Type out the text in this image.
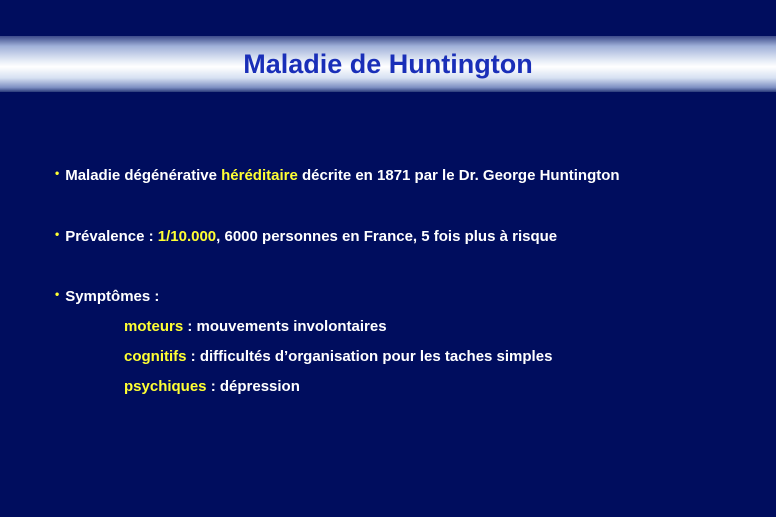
Maladie de Huntington
• Maladie dégénérative héréditaire décrite en 1871 par le Dr. George Huntington
• Prévalence : 1/10.000, 6000 personnes en France, 5 fois plus à risque
• Symptômes :
moteurs : mouvements involontaires
cognitifs : difficultés d’organisation pour les taches simples
psychiques : dépression
